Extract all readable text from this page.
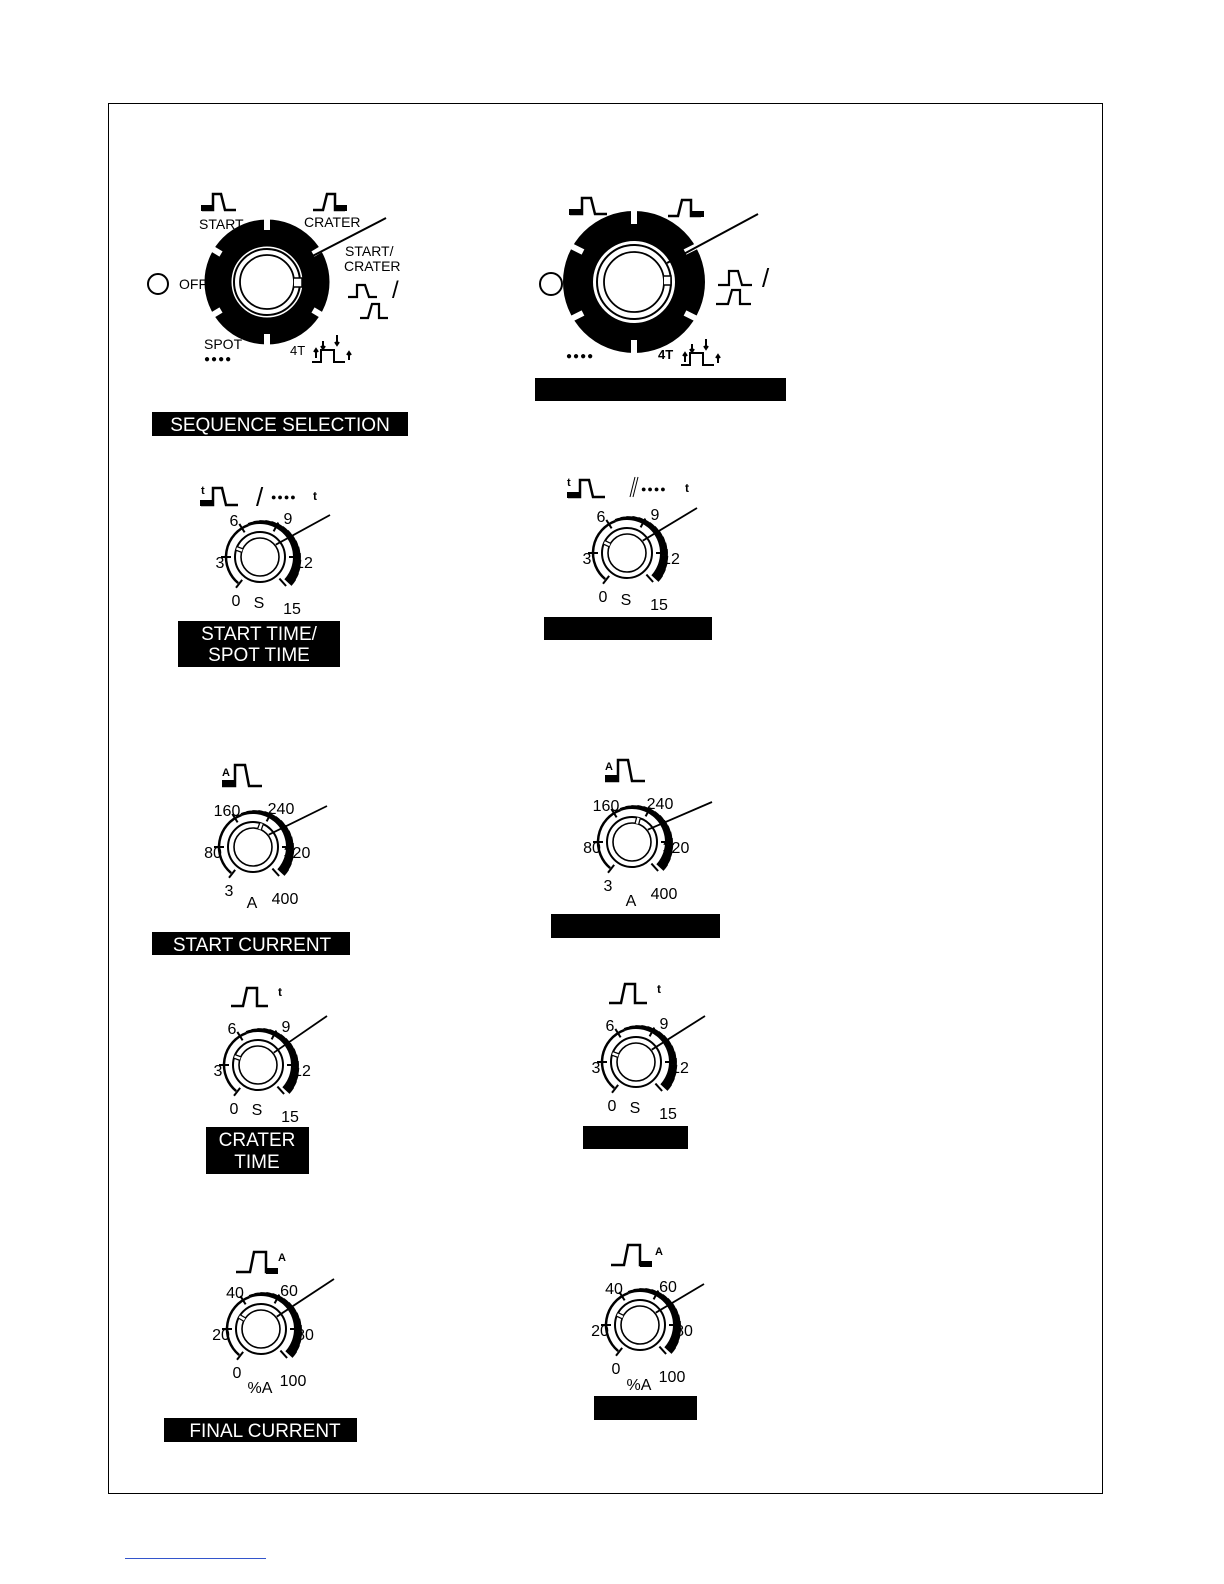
START	CRATER
START/
CRATER
/
OFF
SPOT
●●●●
4T
SEQUENCE SELECTION
/
●●●●	4T
0
3
6	9
12
15
S	0
3
6	9
12
15
S
3
80
160 240
320
400
A
3
80
160 240
320
400
A
0
3
6	9
12
15
S	0
3
6	9
12
15
S
0
20
40 60
80
100
%A
0
20
40 60
80
100
%A
START TIME/
SPOT TIME
START CURRENT
CRATER
TIME
FINAL CURRENT
t / ●●●● t
t	●●●● t
A	A
t	t
A	A
